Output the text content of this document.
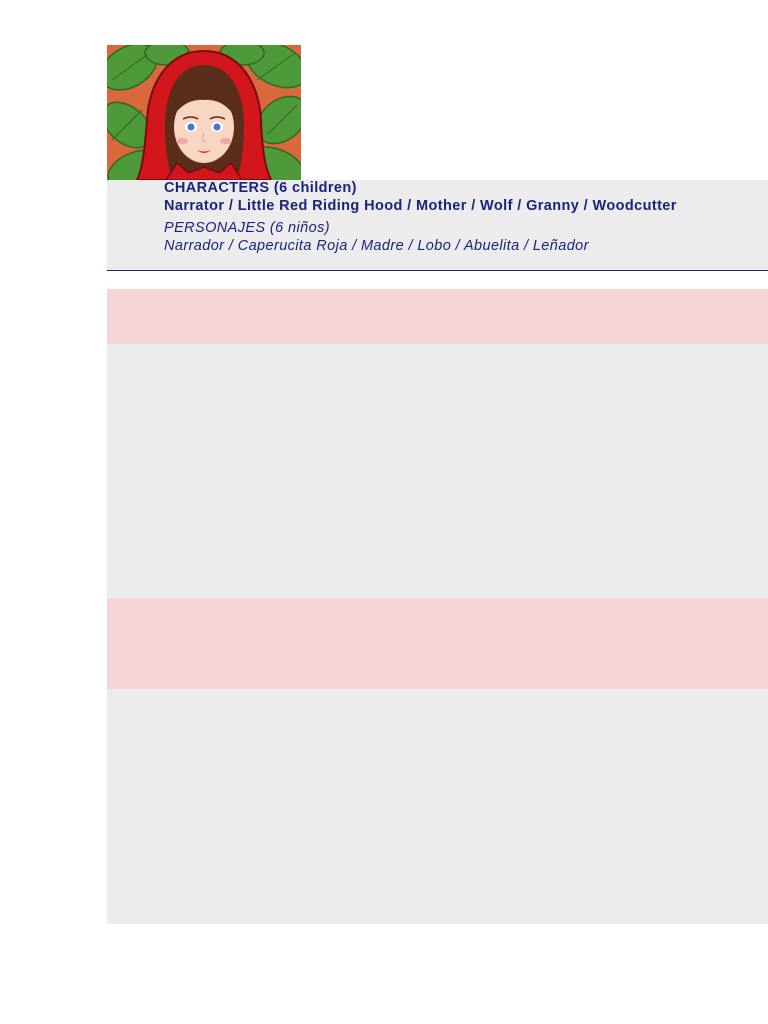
CHARACTERS (6 children)
Narrator / Little Red Riding Hood / Mother / Wolf / Granny / Woodcutter
PERSONAJES (6 niños)
Narrador / Caperucita Roja / Madre / Lobo / Abuelita / Leñador
